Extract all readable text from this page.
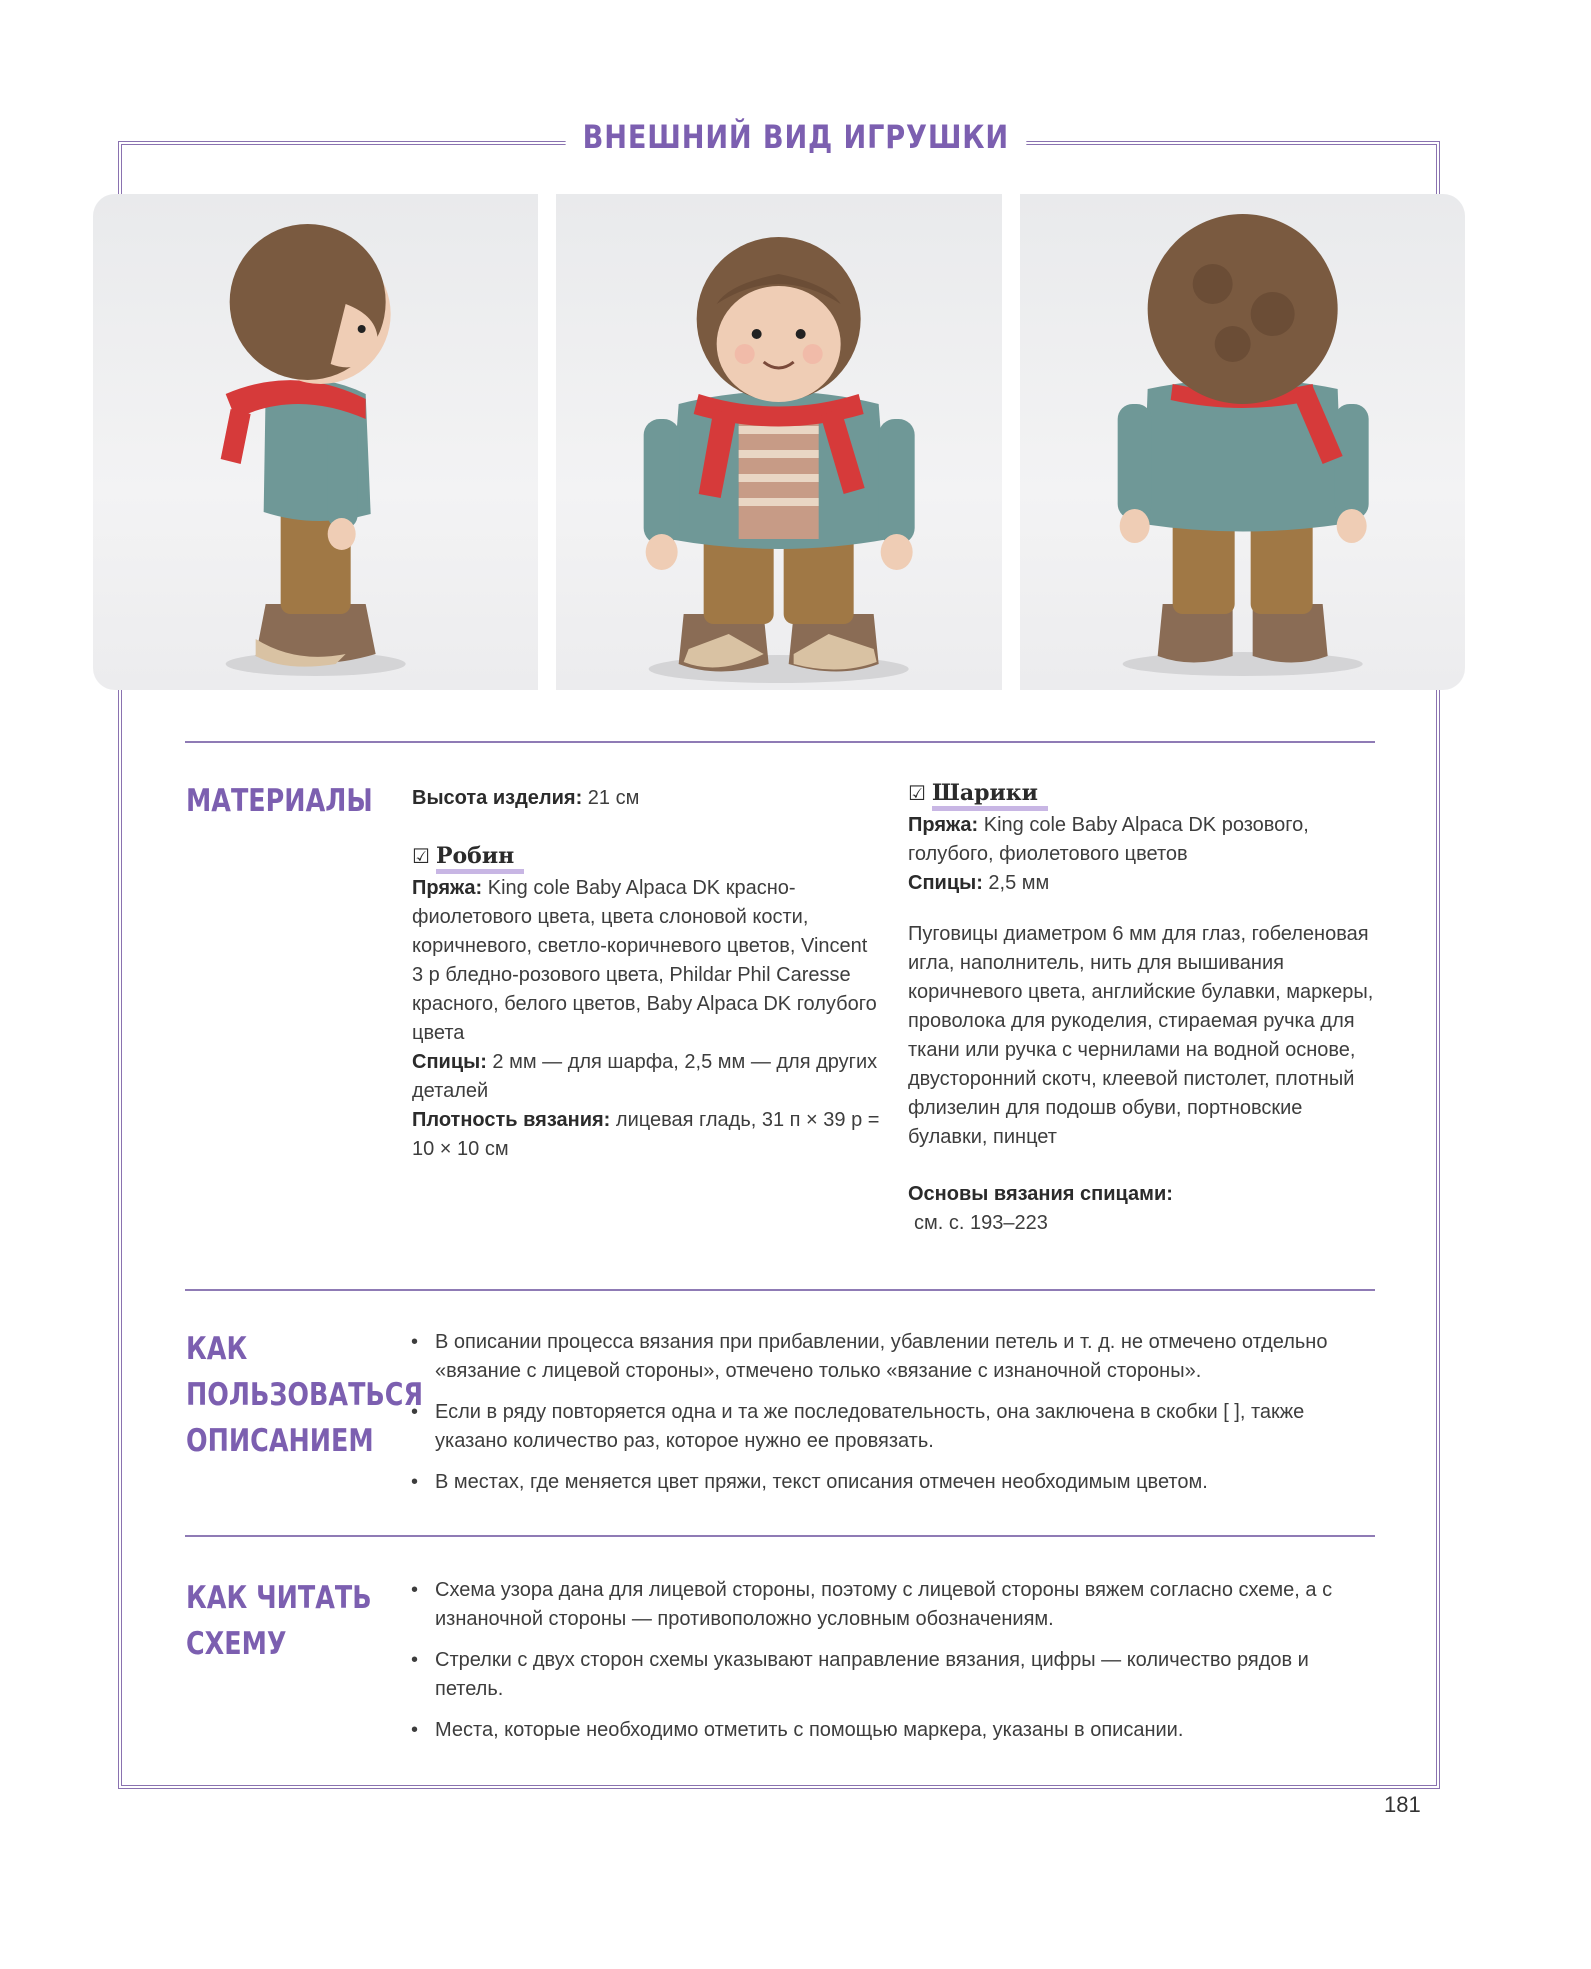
ВНЕШНИЙ ВИД ИГРУШКИ
МАТЕРИАЛЫ Высота изделия: 21 см
☑ Робин
Пряжа: King cole Baby Alpaca DK красно-фиолетового цвета, цвета слоновой кости, коричневого, светло-коричневого цветов, Vincent 3 р бледно-розового цвета, Phildar Phil Caresse красного, белого цветов, Baby Alpaca DK голубого цвета
Спицы: 2 мм — для шарфа, 2,5 мм — для других деталей
Плотность вязания: лицевая гладь, 31 п × 39 р = 10 × 10 см
☑ Шарики
Пряжа: King cole Baby Alpaca DK розового, голубого, фиолетового цветов
Спицы: 2,5 мм
Пуговицы диаметром 6 мм для глаз, гобеленовая игла, наполнитель, нить для вышивания коричневого цвета, английские булавки, маркеры, проволока для рукоделия, стираемая ручка для ткани или ручка с чернилами на водной основе, двусторонний скотч, клеевой пистолет, плотный флизелин для подошв обуви, портновские булавки, пинцет
Основы вязания спицами:
см. с. 193–223
КАК
ПОЛЬЗОВАТЬСЯ
ОПИСАНИЕМ
• В описании процесса вязания при прибавлении, убавлении петель и т. д. не отмечено отдельно «вязание с лицевой стороны», отмечено только «вязание с изнаночной стороны».
• Если в ряду повторяется одна и та же последовательность, она заключена в скобки [ ], также указано количество раз, которое нужно ее провязать.
• В местах, где меняется цвет пряжи, текст описания отмечен необходимым цветом.
КАК ЧИТАТЬ
СХЕМУ
• Схема узора дана для лицевой стороны, поэтому с лицевой стороны вяжем согласно схеме, а с изнаночной стороны — противоположно условным обозначениям.
• Стрелки с двух сторон схемы указывают направление вязания, цифры — количество рядов и петель.
• Места, которые необходимо отметить с помощью маркера, указаны в описании.
181
